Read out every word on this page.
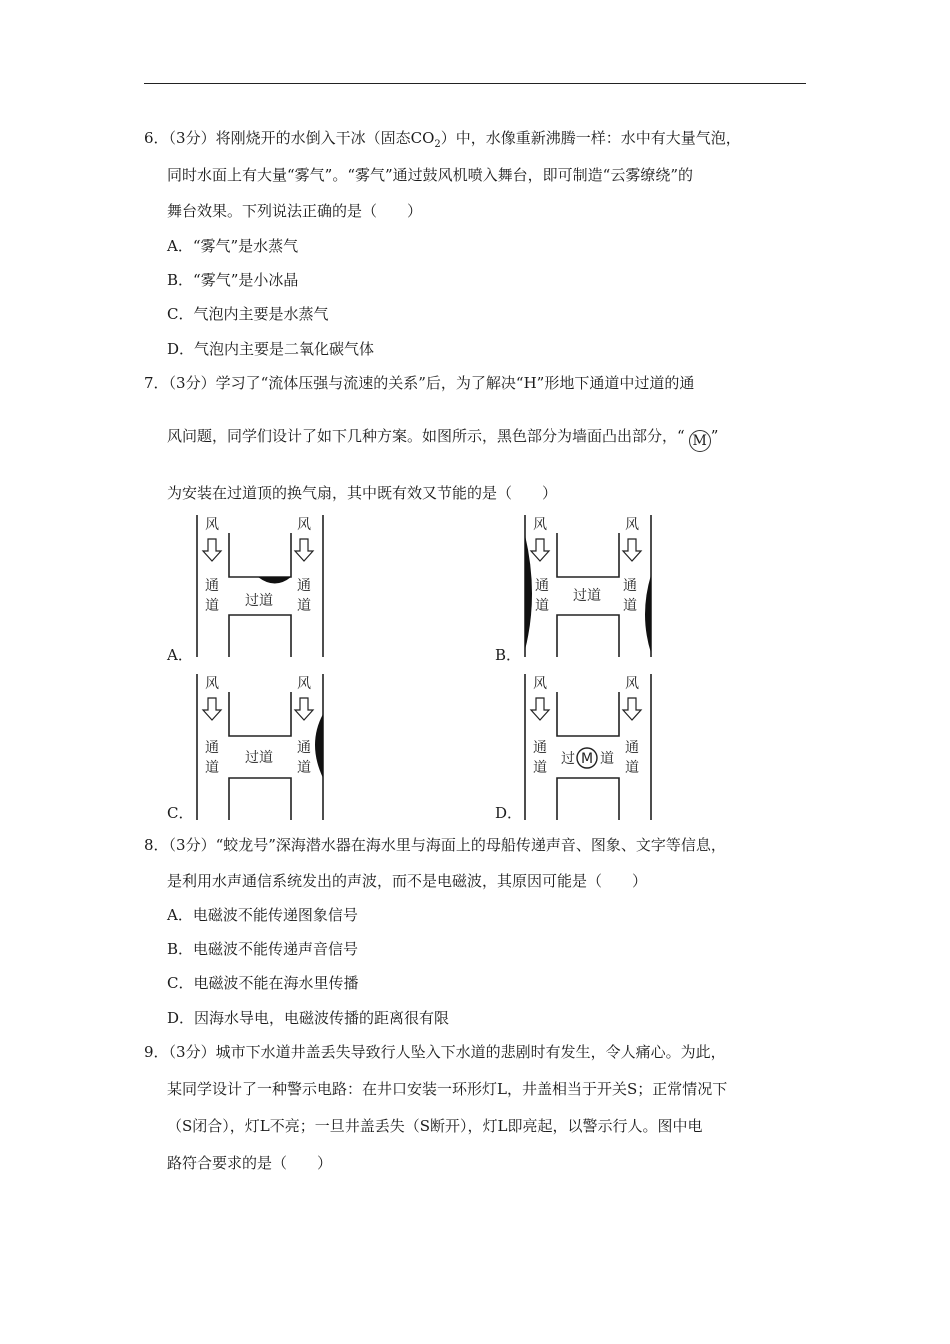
6．（3分）将刚烧开的水倒入干冰（固态$CO_2$）中，水像重新沸腾一样：水中有大量气泡，
同时水面上有大量“雾气”。“雾气”通过鼓风机喷入舞台，即可制造“云雾缭绕”的
舞台效果。下列说法正确的是（　　）
A．“雾气”是水蒸气
B．“雾气”是小冰晶
C．气泡内主要是水蒸气
D．气泡内主要是二氧化碳气体
7．（3分）学习了“流体压强与流速的关系”后，为了解决“H”形地下通道中过道的通
风问题，同学们设计了如下几种方案。如图所示，黑色部分为墙面凸出部分，“ M ”
为安装在过道顶的换气扇，其中既有效又节能的是（　　）
风	风
通
道
通
道
过道
A．
风	风
通
道
通
道
过道
B．
风	风
通
道
通
道
过道
C．
风	风
通
道
通
道
过 M 道
D．
8．（3分）“蛟龙号”深海潜水器在海水里与海面上的母船传递声音、图象、文字等信息，
是利用水声通信系统发出的声波，而不是电磁波，其原因可能是（　　）
A．电磁波不能传递图象信号
B．电磁波不能传递声音信号
C．电磁波不能在海水里传播
D．因海水导电，电磁波传播的距离很有限
9．（3分）城市下水道井盖丢失导致行人坠入下水道的悲剧时有发生，令人痛心。为此，
某同学设计了一种警示电路：在井口安装一环形灯L，井盖相当于开关S；正常情况下
（S闭合），灯L不亮；一旦井盖丢失（S断开），灯L即亮起，以警示行人。图中电
路符合要求的是（　　）
